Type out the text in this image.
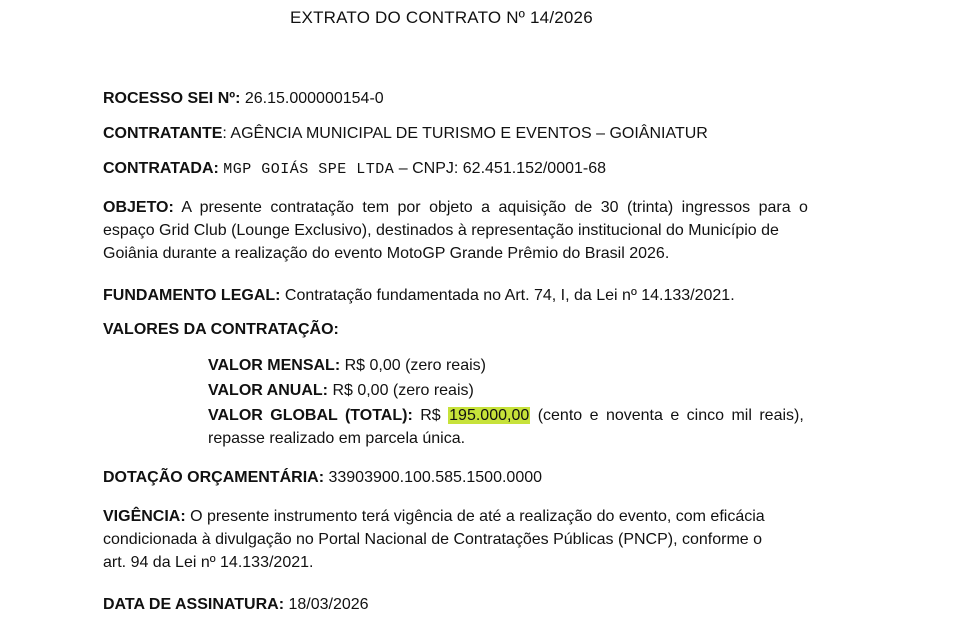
EXTRATO DO CONTRATO Nº 14/2026

ROCESSO SEI Nº: 26.15.000000154-0

CONTRATANTE: AGÊNCIA MUNICIPAL DE TURISMO E EVENTOS – GOIÂNIATUR

CONTRATADA: MGP GOIÁS SPE LTDA – CNPJ: 62.451.152/0001-68

OBJETO: A presente contratação tem por objeto a aquisição de 30 (trinta) ingressos para o
espaço Grid Club (Lounge Exclusivo), destinados à representação institucional do Município de
Goiânia durante a realização do evento MotoGP Grande Prêmio do Brasil 2026.

FUNDAMENTO LEGAL: Contratação fundamentada no Art. 74, I, da Lei nº 14.133/2021.

VALORES DA CONTRATAÇÃO:

VALOR MENSAL: R$ 0,00 (zero reais)

VALOR ANUAL: R$ 0,00 (zero reais)

VALOR GLOBAL (TOTAL): R$ 195.000,00 (cento e noventa e cinco mil reais),
repasse realizado em parcela única.

DOTAÇÃO ORÇAMENTÁRIA: 33903900.100.585.1500.0000

VIGÊNCIA: O presente instrumento terá vigência de até a realização do evento, com eficácia
condicionada à divulgação no Portal Nacional de Contratações Públicas (PNCP), conforme o
art. 94 da Lei nº 14.133/2021.

DATA DE ASSINATURA: 18/03/2026
